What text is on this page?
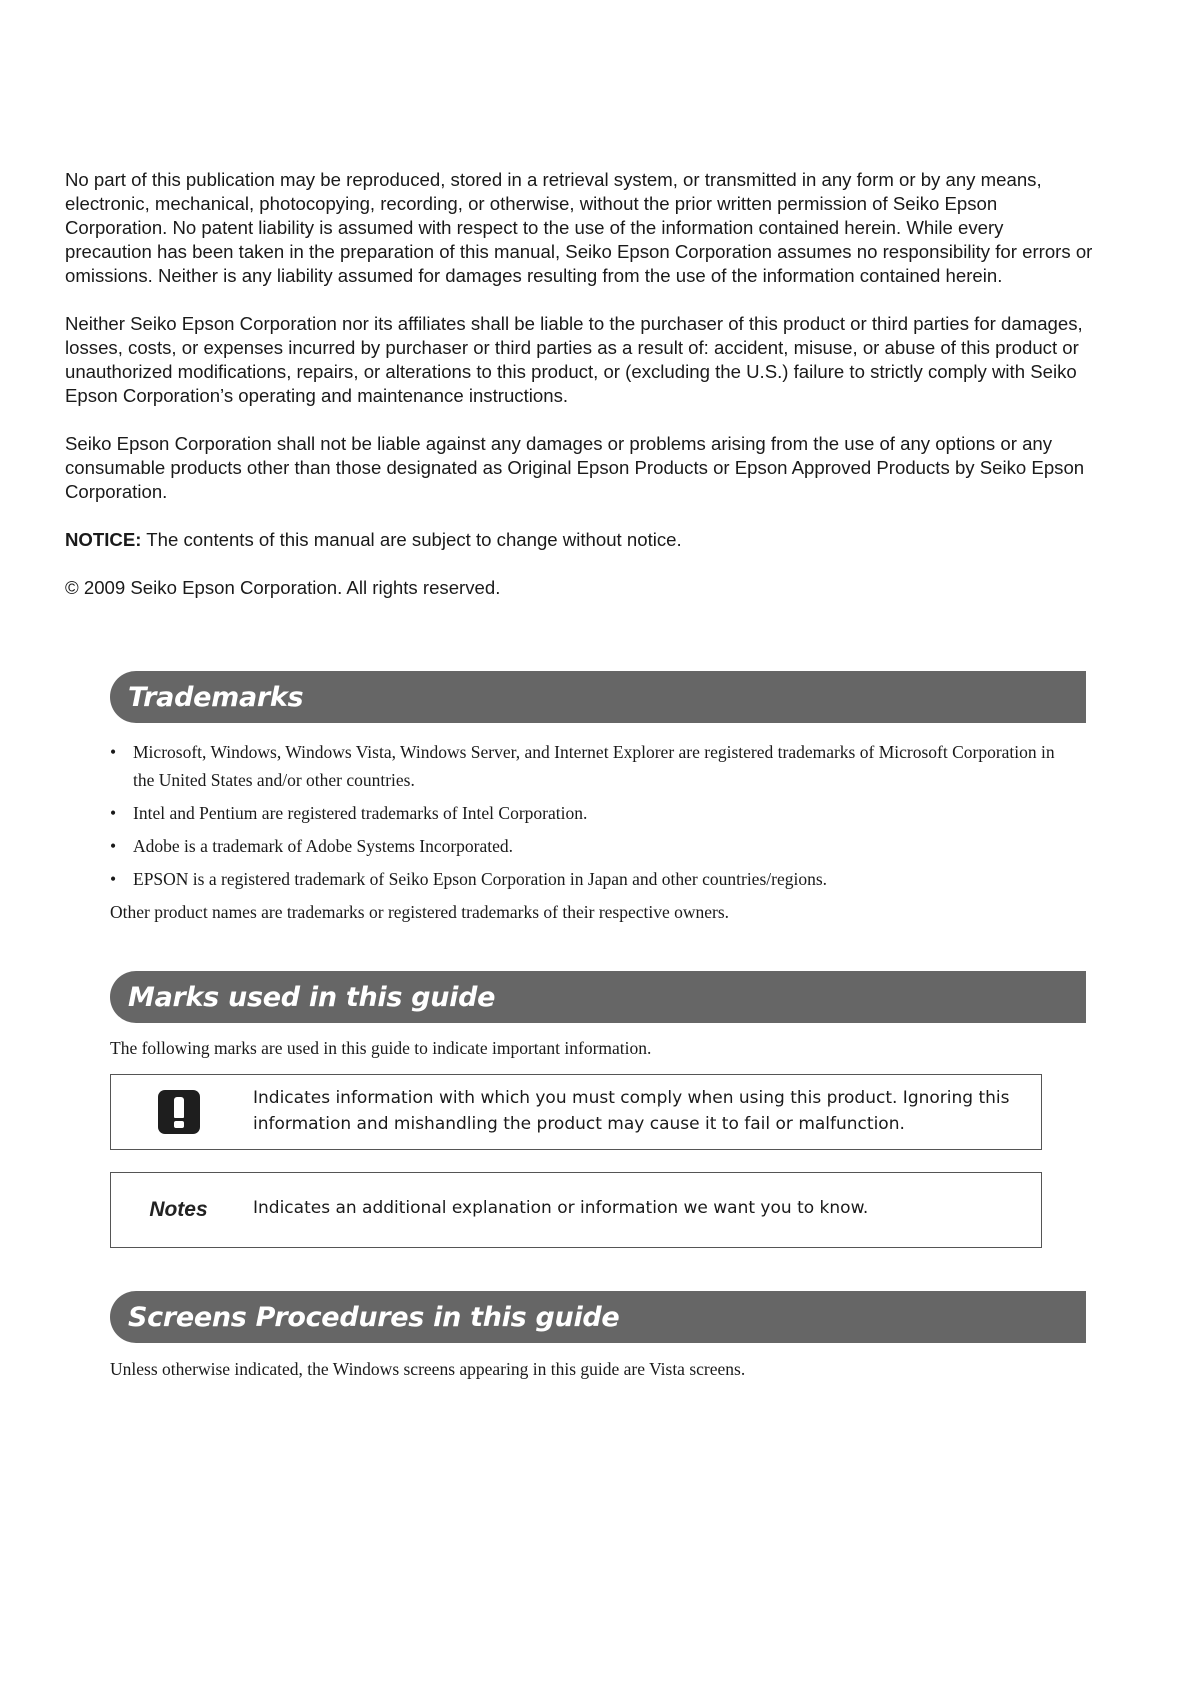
No part of this publication may be reproduced, stored in a retrieval system, or transmitted in any form or by any means, electronic, mechanical, photocopying, recording, or otherwise, without the prior written permission of Seiko Epson Corporation. No patent liability is assumed with respect to the use of the information contained herein. While every precaution has been taken in the preparation of this manual, Seiko Epson Corporation assumes no responsibility for errors or omissions. Neither is any liability assumed for damages resulting from the use of the information contained herein.

Neither Seiko Epson Corporation nor its affiliates shall be liable to the purchaser of this product or third parties for damages, losses, costs, or expenses incurred by purchaser or third parties as a result of: accident, misuse, or abuse of this product or unauthorized modifications, repairs, or alterations to this product, or (excluding the U.S.) failure to strictly comply with Seiko Epson Corporation’s operating and maintenance instructions.

Seiko Epson Corporation shall not be liable against any damages or problems arising from the use of any options or any consumable products other than those designated as Original Epson Products or Epson Approved Products by Seiko Epson Corporation.

NOTICE: The contents of this manual are subject to change without notice.

© 2009 Seiko Epson Corporation. All rights reserved.

Trademarks
• Microsoft, Windows, Windows Vista, Windows Server, and Internet Explorer are registered trademarks of Microsoft Corporation in the United States and/or other countries.
• Intel and Pentium are registered trademarks of Intel Corporation.
• Adobe is a trademark of Adobe Systems Incorporated.
• EPSON is a registered trademark of Seiko Epson Corporation in Japan and other countries/regions.

Other product names are trademarks or registered trademarks of their respective owners.

Marks used in this guide

The following marks are used in this guide to indicate important information.

Indicates information with which you must comply when using this product. Ignoring this information and mishandling the product may cause it to fail or malfunction.
Notes	Indicates an additional explanation or information we want you to know.
Screens Procedures in this guide

Unless otherwise indicated, the Windows screens appearing in this guide are Vista screens.
